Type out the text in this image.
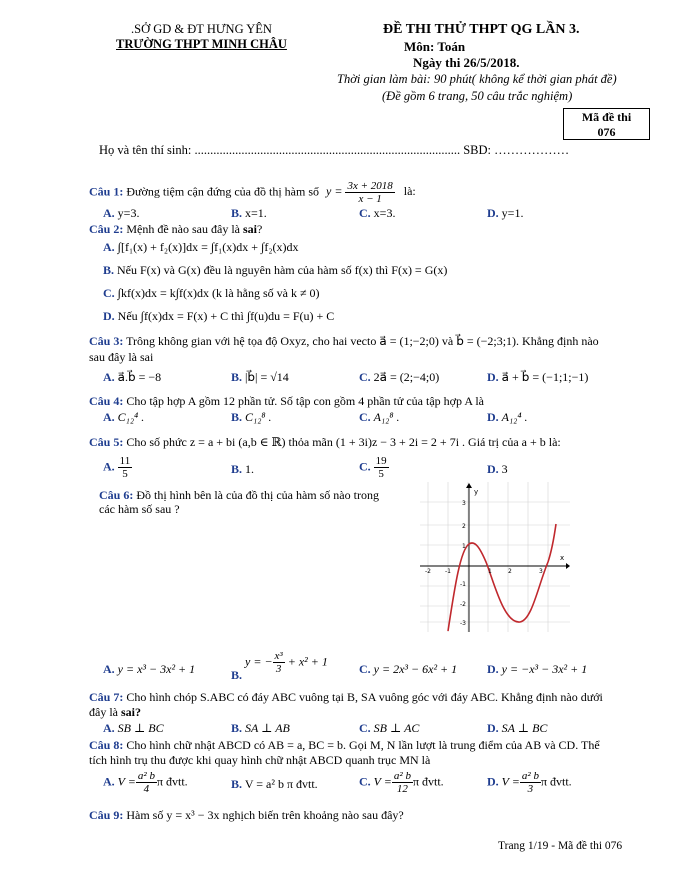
.SỞ GD & ĐT HƯNG YÊN
TRƯỜNG THPT MINH CHÂU
ĐỀ THI THỬ THPT QG LẦN 3.
Môn: Toán
Ngày thi 26/5/2018.
Thời gian làm bài: 90 phút( không kể thời gian phát đề)
(Đề gồm 6 trang, 50 câu trắc nghiệm)
Mã đề thi
076
Họ và tên thí sinh: ..................................................................................... SBD: ………………
Câu 1: Đường tiệm cận đứng của đồ thị hàm số $y = \frac{3x + 2018}{x - 1}$ là:
A. y=3.	B. x=1.	C. x=3.	D. y=1.
Câu 2: Mệnh đề nào sau đây là sai?
A. ∫[f₁(x) + f₂(x)]dx = ∫f₁(x)dx + ∫f₂(x)dx
B. Nếu F(x) và G(x) đều là nguyên hàm của hàm số f(x) thì F(x) = G(x)
C. ∫kf(x)dx = k∫f(x)dx (k là hằng số và k ≠ 0)
D. Nếu ∫f(x)dx = F(x) + C thì ∫f(u)du = F(u) + C
Câu 3: Trông không gian với hệ tọa độ Oxyz, cho hai vecto a⃗ = (1;−2;0) và b⃗ = (−2;3;1). Khẳng định nào
sau đây là sai
A. a⃗.b⃗ = −8	B. |b⃗| = √14	C. 2a⃗ = (2;−4;0)	D. a⃗ + b⃗ = (−1;1;−1)
Câu 4: Cho tập hợp A gồm 12 phần tử. Số tập con gồm 4 phần tử của tập hợp A là
A. C₁₂⁴ .	B. C₁₂⁸ .	C. A₁₂⁸ .	D. A₁₂⁴ .
Câu 5: Cho số phức z = a + bi (a,b ∈ ℝ) thỏa mãn (1 + 3i)z − 3 + 2i = 2 + 7i . Giá trị của a + b là:
A. $\frac{11}{5}$	B. 1.	C. $\frac{19}{5}$	D. 3
Câu 6: Đồ thị hình bên là của đồ thị của hàm số nào trong
các hàm số sau ?
y
x
-2 -1	1	2	3
3
2
1
-1
-2
-3
A. y = x³ − 3x² + 1	B. y = − $\frac{\text{x³}}{3} + x^2 + 1$
C. y = 2x³ − 6x² + 1 D. y = −x³ − 3x² + 1
Câu 7: Cho hình chóp S.ABC có đáy ABC vuông tại B, SA vuông góc với đáy ABC. Khẳng định nào dưới
đây là sai?
A. SB ⊥ BC	B. SA ⊥ AB	C. SB ⊥ AC	D. SA ⊥ BC
Câu 8: Cho hình chữ nhật ABCD có AB = a, BC = b. Gọi M, N lần lượt là trung điểm của AB và CD. Thể
tích hình trụ thu được khi quay hình chữ nhật ABCD quanh trục MN là
A. $V = \frac{\text{a² b}}{4}$ π đvtt.	B. V = a² b π đvtt.	C. $V = \frac{\text{a² b}}{12}$ π đvtt.	D. $V = \frac{\text{a² b}}{3}$ π đvtt.
Câu 9: Hàm số y = x³ − 3x nghịch biến trên khoảng nào sau đây?
Trang 1/19 - Mã đề thi 076
